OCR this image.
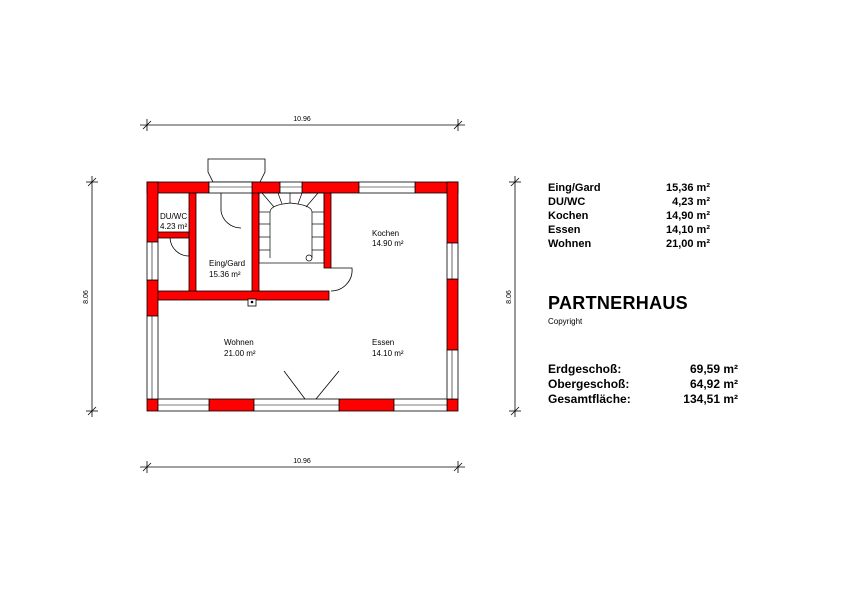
10.96
10.96
8.06	8.06
DU/WC
4.23 m²
Eing/Gard
15.36 m²
Kochen
14.90 m²
Wohnen
21.00 m²
Essen
14.10 m²
Eing/Gard	15,36 m²
DU/WC	4,23 m²
Kochen	14,90 m²
Essen	14,10 m²
Wohnen	21,00 m²
PARTNERHAUS
Copyright
Erdgeschoß:	69,59 m²
Obergeschoß:	64,92 m²
Gesamtfläche:	134,51 m²
